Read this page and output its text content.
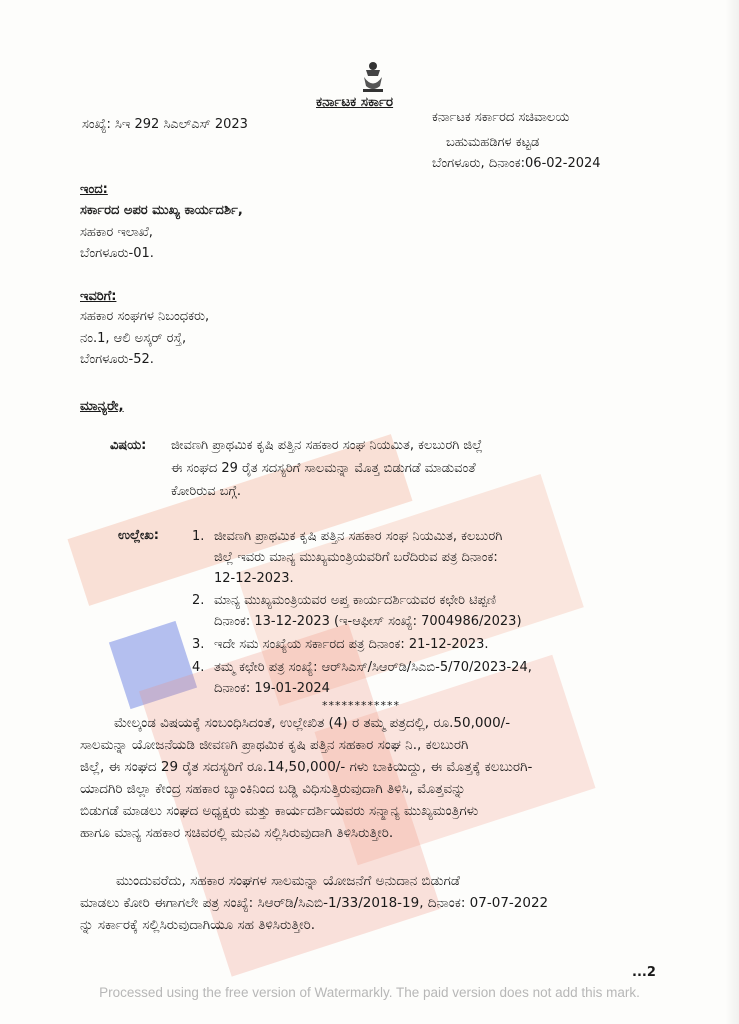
ಕರ್ನಾಟಕ ಸರ್ಕಾರ
ಸಂಖ್ಯೆ: ಸಿಇ 292 ಸಿಎಲ್ಎಸ್ 2023	ಕರ್ನಾಟಕ ಸರ್ಕಾರದ ಸಚಿವಾಲಯ
ಬಹುಮಹಡಿಗಳ ಕಟ್ಟಡ
ಬೆಂಗಳೂರು, ದಿನಾಂಕ:06-02-2024
ಇಂದ:
ಸರ್ಕಾರದ ಅಪರ ಮುಖ್ಯ ಕಾರ್ಯದರ್ಶಿ,
ಸಹಕಾರ ಇಲಾಖೆ,
ಬೆಂಗಳೂರು-01.
ಇವರಿಗೆ:
ಸಹಕಾರ ಸಂಘಗಳ ನಿಬಂಧಕರು,
ನಂ.1, ಆಲಿ ಅಸ್ಕರ್ ರಸ್ತೆ,
ಬೆಂಗಳೂರು-52.
ಮಾನ್ಯರೇ,
ವಿಷಯ: ಜೀವಣಗಿ ಪ್ರಾಥಮಿಕ ಕೃಷಿ ಪತ್ತಿನ ಸಹಕಾರ ಸಂಘ ನಿಯಮಿತ, ಕಲಬುರಗಿ ಜಿಲ್ಲೆ
ಈ ಸಂಘದ 29 ರೈತ ಸದಸ್ಯರಿಗೆ ಸಾಲಮನ್ನಾ ಮೊತ್ತ ಬಿಡುಗಡೆ ಮಾಡುವಂತೆ
ಕೋರಿರುವ ಬಗ್ಗೆ.
ಉಲ್ಲೇಖ:	1. ಜೀವಣಗಿ ಪ್ರಾಥಮಿಕ ಕೃಷಿ ಪತ್ತಿನ ಸಹಕಾರ ಸಂಘ ನಿಯಮಿತ, ಕಲಬುರಗಿ
ಜಿಲ್ಲೆ ಇವರು ಮಾನ್ಯ ಮುಖ್ಯಮಂತ್ರಿಯವರಿಗೆ ಬರೆದಿರುವ ಪತ್ರ ದಿನಾಂಕ:
12-12-2023.
2. ಮಾನ್ಯ ಮುಖ್ಯಮಂತ್ರಿಯವರ ಅಪ್ತ ಕಾರ್ಯದರ್ಶಿಯವರ ಕಛೇರಿ ಟಿಪ್ಪಣಿ
ದಿನಾಂಕ: 13-12-2023 (ಇ-ಆಫೀಸ್ ಸಂಖ್ಯೆ: 7004986/2023)
3. ಇದೇ ಸಮ ಸಂಖ್ಯೆಯ ಸರ್ಕಾರದ ಪತ್ರ ದಿನಾಂಕ: 21-12-2023.
4. ತಮ್ಮ ಕಛೇರಿ ಪತ್ರ ಸಂಖ್ಯೆ: ಆರ್‌ಸಿಎಸ್/ಸಿಆರ್‌ಡಿ/ಸಿಎಬಿ-5/70/2023-24,
ದಿನಾಂಕ: 19-01-2024
************
ಮೇಲ್ಕಂಡ ವಿಷಯಕ್ಕೆ ಸಂಬಂಧಿಸಿದಂತೆ, ಉಲ್ಲೇಖಿತ (4) ರ ತಮ್ಮ ಪತ್ರದಲ್ಲಿ, ರೂ.50,000/-
ಸಾಲಮನ್ನಾ ಯೋಜನೆಯಡಿ ಜೀವಣಗಿ ಪ್ರಾಥಮಿಕ ಕೃಷಿ ಪತ್ತಿನ ಸಹಕಾರ ಸಂಘ ನಿ., ಕಲಬುರಗಿ
ಜಿಲ್ಲೆ, ಈ ಸಂಘದ 29 ರೈತ ಸದಸ್ಯರಿಗೆ ರೂ.14,50,000/- ಗಳು ಬಾಕಿಯಿದ್ದು, ಈ ಮೊತ್ತಕ್ಕೆ ಕಲಬುರಗಿ-
ಯಾದಗಿರಿ ಜಿಲ್ಲಾ ಕೇಂದ್ರ ಸಹಕಾರ ಬ್ಯಾಂಕಿನಿಂದ ಬಡ್ಡಿ ವಿಧಿಸುತ್ತಿರುವುದಾಗಿ ತಿಳಿಸಿ, ಮೊತ್ತವನ್ನು
ಬಿಡುಗಡೆ ಮಾಡಲು ಸಂಘದ ಅಧ್ಯಕ್ಷರು ಮತ್ತು ಕಾರ್ಯದರ್ಶಿಯವರು ಸನ್ಮಾನ್ಯ ಮುಖ್ಯಮಂತ್ರಿಗಳು
ಹಾಗೂ ಮಾನ್ಯ ಸಹಕಾರ ಸಚಿವರಲ್ಲಿ ಮನವಿ ಸಲ್ಲಿಸಿರುವುದಾಗಿ ತಿಳಿಸಿರುತ್ತೀರಿ.
ಮುಂದುವರೆದು, ಸಹಕಾರ ಸಂಘಗಳ ಸಾಲಮನ್ನಾ ಯೋಜನೆಗೆ ಅನುದಾನ ಬಿಡುಗಡೆ
ಮಾಡಲು ಕೋರಿ ಈಗಾಗಲೇ ಪತ್ರ ಸಂಖ್ಯೆ: ಸಿಆರ್‌ಡಿ/ಸಿಎಬಿ-1/33/2018-19, ದಿನಾಂಕ: 07-07-2022
ನ್ನು ಸರ್ಕಾರಕ್ಕೆ ಸಲ್ಲಿಸಿರುವುದಾಗಿಯೂ ಸಹ ತಿಳಿಸಿರುತ್ತೀರಿ.
...2
Processed using the free version of Watermarkly. The paid version does not add this mark.
